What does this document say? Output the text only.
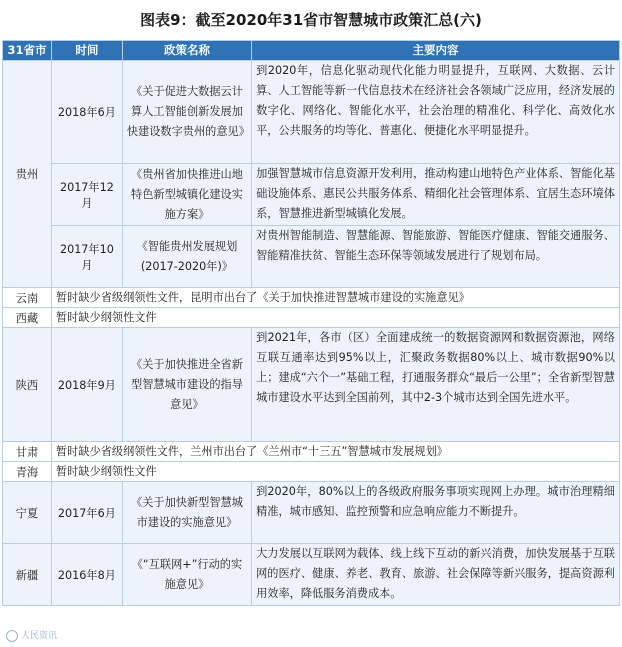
图表9：截至2020年31省市智慧城市政策汇总(六)
31省市	时间	政策名称	主要内容
贵州	2018年6月	《关于促进大数据云计算人工智能创新发展加快建设数字贵州的意见》	到2020年，信息化驱动现代化能力明显提升，互联网、大数据、云计算、人工智能等新一代信息技术在经济社会各领域广泛应用，经济发展的数字化、网络化、智能化水平，社会治理的精准化、科学化、高效化水平，公共服务的均等化、普惠化、便捷化水平明显提升。
	2017年12月	《贵州省加快推进山地特色新型城镇化建设实施方案》	加强智慧城市信息资源开发利用，推动构建山地特色产业体系、智能化基础设施体系、惠民公共服务体系、精细化社会管理体系、宜居生态环境体系，智慧推进新型城镇化发展。
	2017年10月	《智能贵州发展规划(2017-2020年)》	对贵州智能制造、智慧能源、智能旅游、智能医疗健康、智能交通服务、智能精准扶贫、智能生态环保等领域发展进行了规划布局。
云南	暂时缺少省级纲领性文件，昆明市出台了《关于加快推进智慧城市建设的实施意见》		
西藏	暂时缺少纲领性文件		
陕西	2018年9月	《关于加快推进全省新型智慧城市建设的指导意见》	到2021年，各市（区）全面建成统一的数据资源网和数据资源池，网络互联互通率达到95%以上，汇聚政务数据80%以上、城市数据90%以上；建成“六个一”基础工程，打通服务群众“最后一公里”；全省新型智慧城市建设水平达到全国前列，其中2-3个城市达到全国先进水平。
甘肃	暂时缺少省级纲领性文件，兰州市出台了《兰州市“十三五”智慧城市发展规划》		
青海	暂时缺少纲领性文件		
宁夏	2017年6月	《关于加快新型智慧城市建设的实施意见》	到2020年，80%以上的各级政府服务事项实现网上办理。城市治理精细精准，城市感知、监控预警和应急响应能力不断提升。
新疆	2016年8月	《“互联网+”行动的实施意见》	大力发展以互联网为载体、线上线下互动的新兴消费，加快发展基于互联网的医疗、健康、养老、教育、旅游、社会保障等新兴服务，提高资源利用效率，降低服务消费成本。
人民资讯
